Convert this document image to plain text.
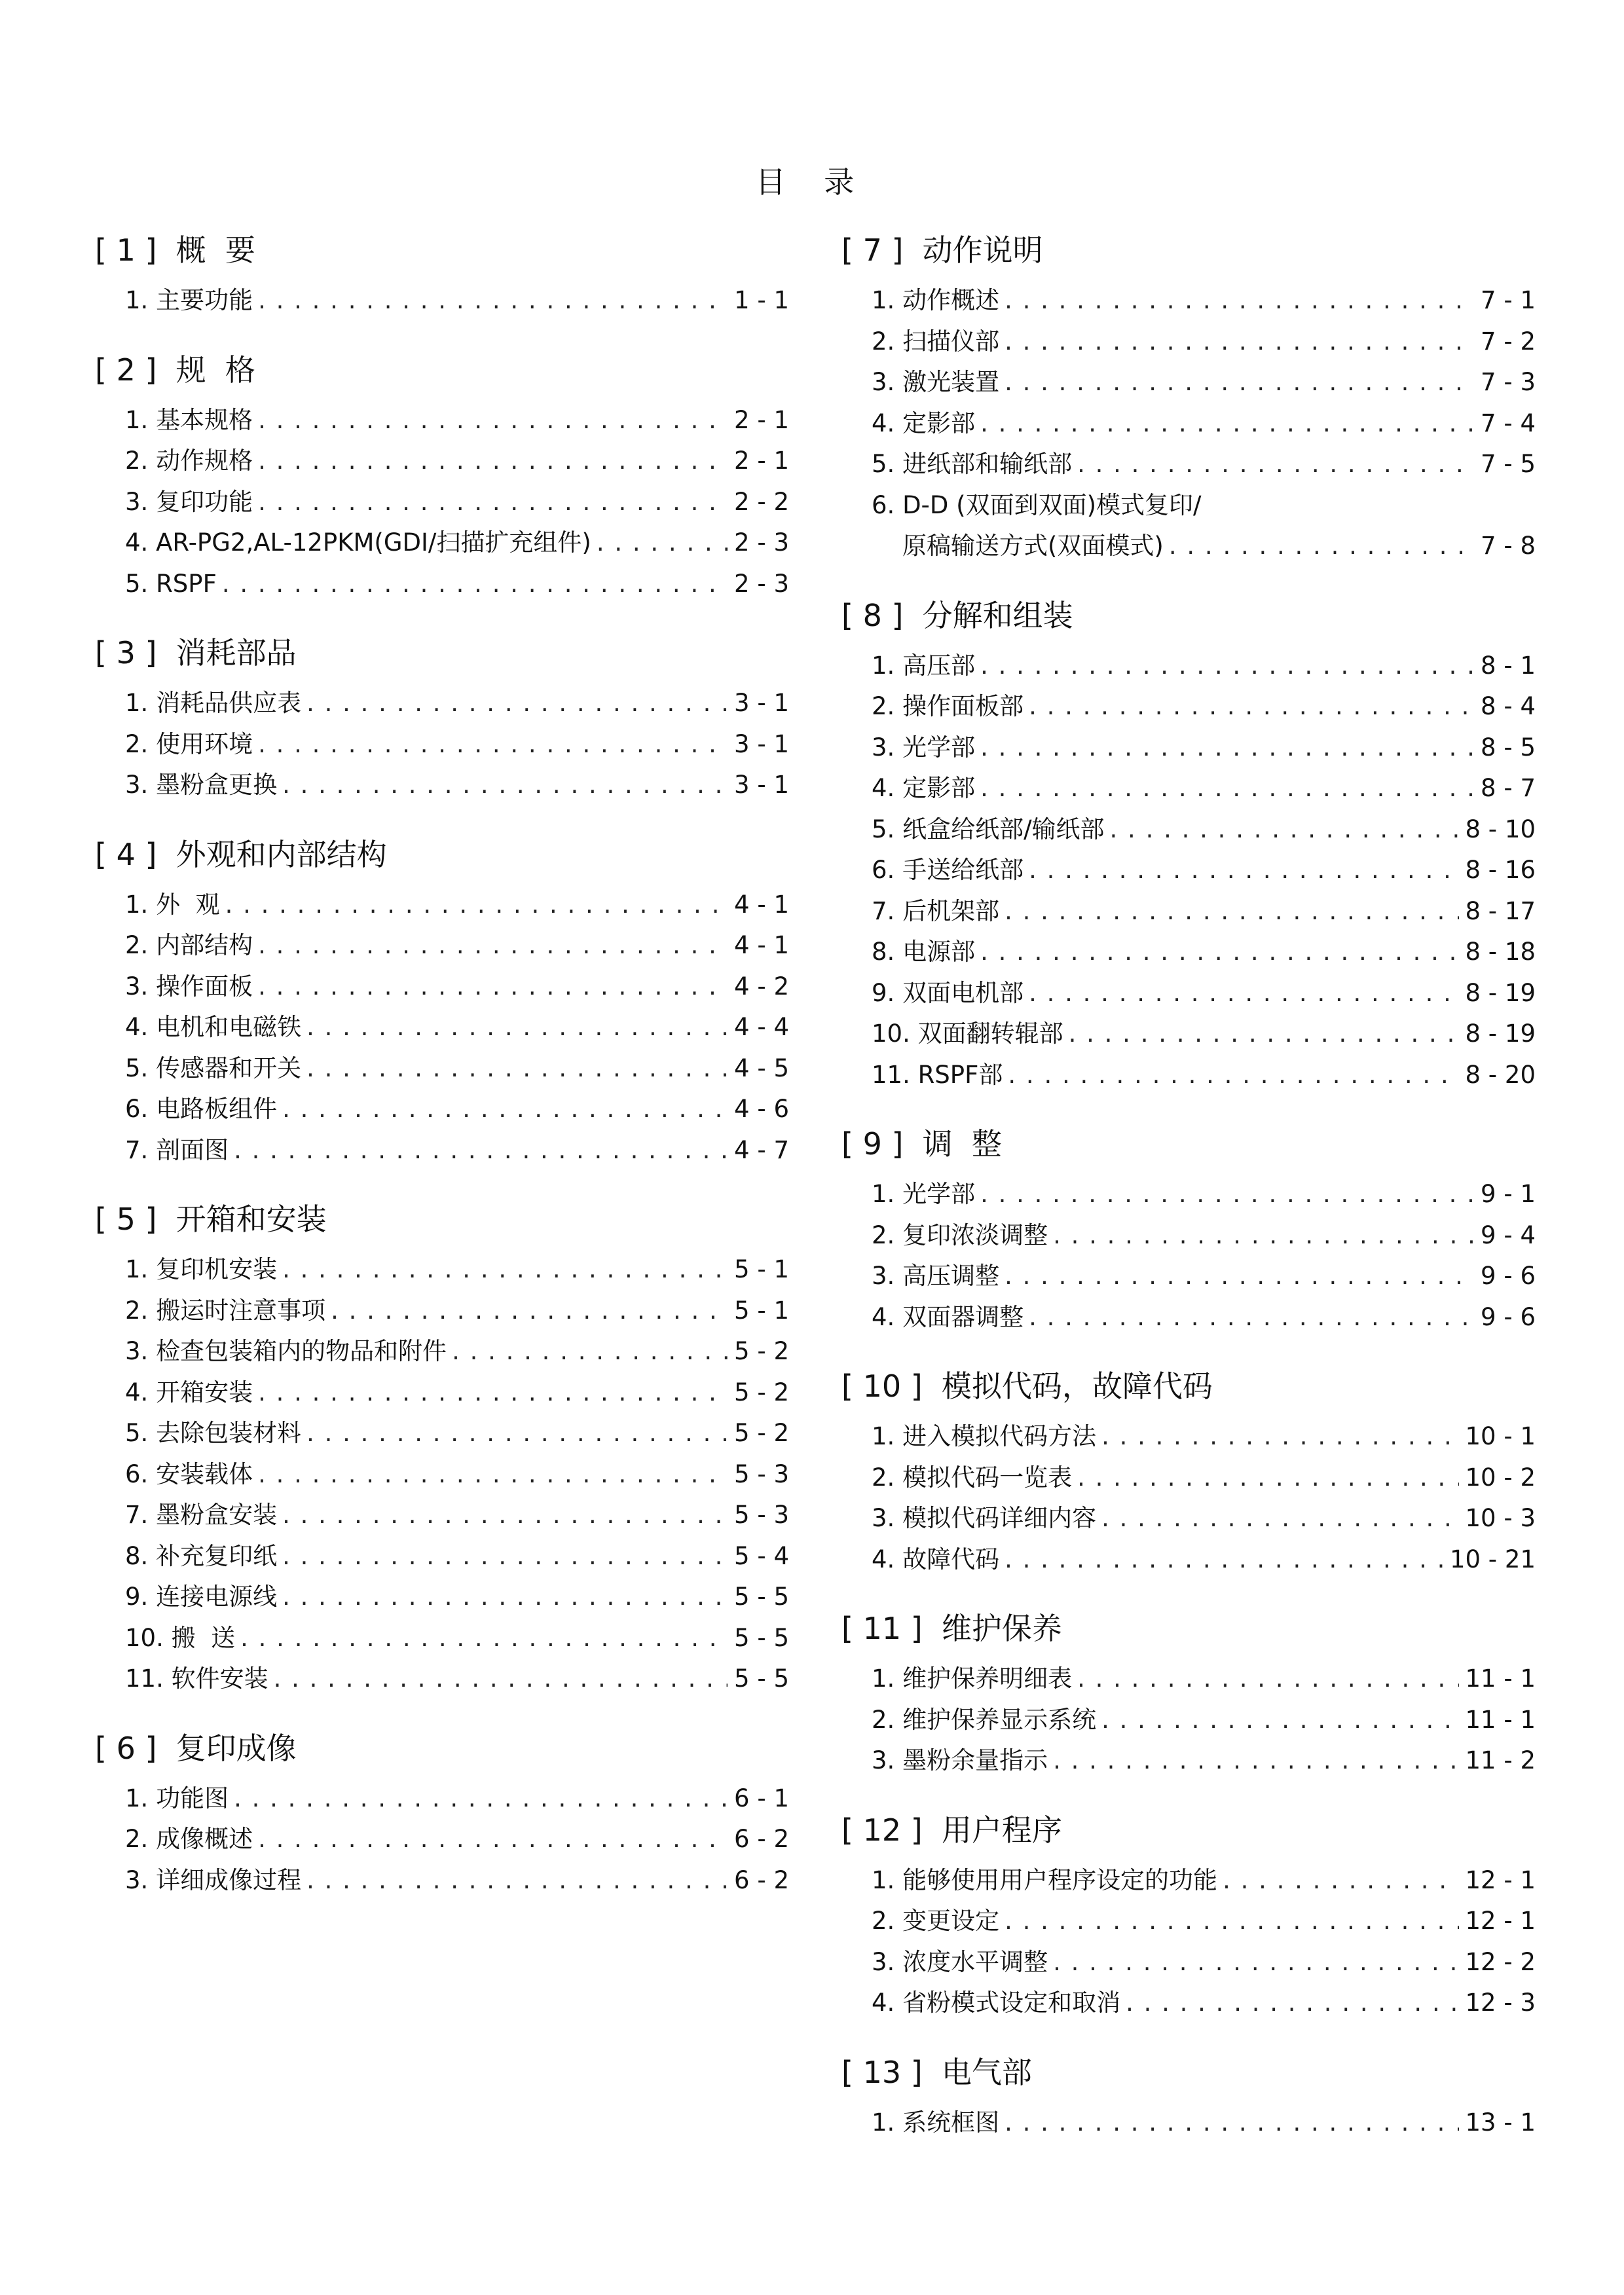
目 录
[ 1 ]  概  要
1. 主要功能 . . .	1 - 1
[ 2 ]  规  格
1. 基本规格 . . .	2 - 1
2. 动作规格 . . .	2 - 1
3. 复印功能 . . .	2 - 2
4. AR-PG2,AL-12PKM(GDI/扫描扩充组件) . . .	2 - 3
5. RSPF . . .	2 - 3
[ 3 ]  消耗部品
1. 消耗品供应表 . . .	3 - 1
2. 使用环境 . . .	3 - 1
3. 墨粉盒更换 . . .	3 - 1
[ 4 ]  外观和内部结构
1. 外  观 . . .	4 - 1
2. 内部结构 . . .	4 - 1
3. 操作面板 . . .	4 - 2
4. 电机和电磁铁 . . .	4 - 4
5. 传感器和开关 . . .	4 - 5
6. 电路板组件 . . .	4 - 6
7. 剖面图 . . .	4 - 7
[ 5 ]  开箱和安装
1. 复印机安装 . . .	5 - 1
2. 搬运时注意事项 . . .	5 - 1
3. 检查包装箱内的物品和附件 . . .	5 - 2
4. 开箱安装 . . .	5 - 2
5. 去除包装材料 . . .	5 - 2
6. 安装载体 . . .	5 - 3
7. 墨粉盒安装 . . .	5 - 3
8. 补充复印纸 . . .	5 - 4
9. 连接电源线 . . .	5 - 5
10. 搬  送 . . .	5 - 5
11. 软件安装 . . .	5 - 5
[ 6 ]  复印成像
1. 功能图 . . .	6 - 1
2. 成像概述 . . .	6 - 2
3. 详细成像过程 . . .	6 - 2
[ 7 ]  动作说明
1. 动作概述 . . .	7 - 1
2. 扫描仪部 . . .	7 - 2
3. 激光装置 . . .	7 - 3
4. 定影部 . . .	7 - 4
5. 进纸部和输纸部 . . .	7 - 5
6. D-D (双面到双面)模式复印/
原稿输送方式(双面模式) . . .	7 - 8
[ 8 ]  分解和组装
1. 高压部 . . .	8 - 1
2. 操作面板部 . . .	8 - 4
3. 光学部 . . .	8 - 5
4. 定影部 . . .	8 - 7
5. 纸盒给纸部/输纸部 . . .	8 - 10
6. 手送给纸部 . . .	8 - 16
7. 后机架部 . . .	8 - 17
8. 电源部 . . .	8 - 18
9. 双面电机部 . . .	8 - 19
10. 双面翻转辊部 . . .	8 - 19
11. RSPF部 . . .	8 - 20
[ 9 ]  调  整
1. 光学部 . . .	9 - 1
2. 复印浓淡调整 . . .	9 - 4
3. 高压调整 . . .	9 - 6
4. 双面器调整 . . .	9 - 6
[ 10 ]  模拟代码，故障代码
1. 进入模拟代码方法 . . .	10 - 1
2. 模拟代码一览表 . . .	10 - 2
3. 模拟代码详细内容 . . .	10 - 3
4. 故障代码 . . .	10 - 21
[ 11 ]  维护保养
1. 维护保养明细表 . . .	11 - 1
2. 维护保养显示系统 . . .	11 - 1
3. 墨粉余量指示 . . .	11 - 2
[ 12 ]  用户程序
1. 能够使用用户程序设定的功能 . . .	12 - 1
2. 变更设定 . . .	12 - 1
3. 浓度水平调整 . . .	12 - 2
4. 省粉模式设定和取消 . . .	12 - 3
[ 13 ]  电气部
1. 系统框图 . . .	13 - 1
